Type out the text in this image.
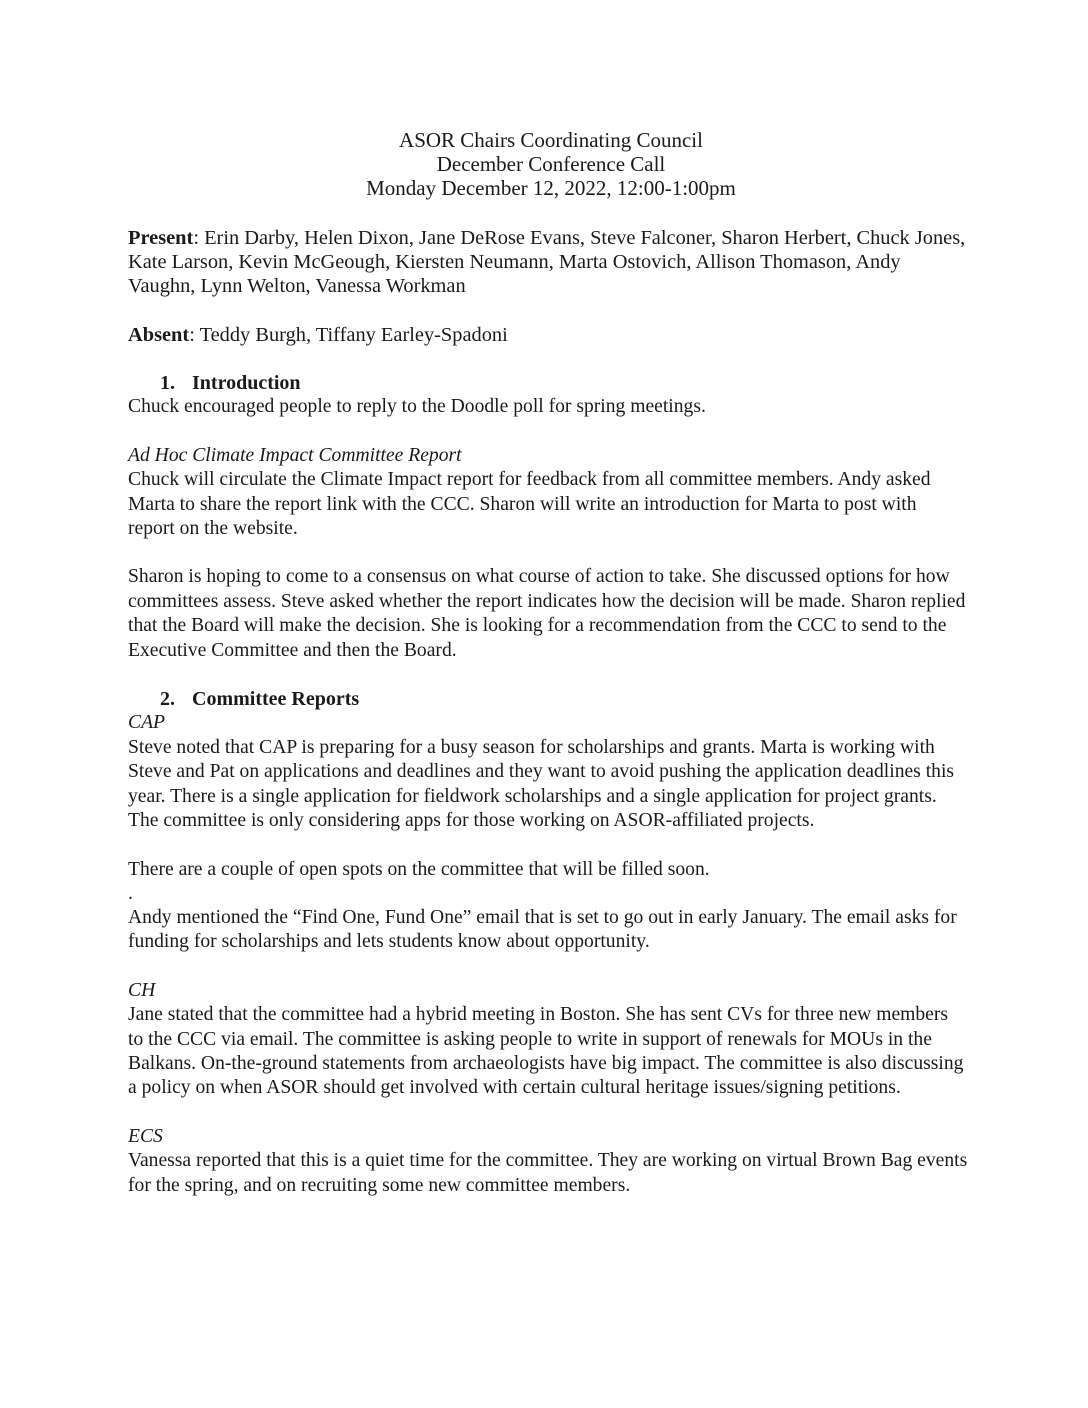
ASOR Chairs Coordinating Council
December Conference Call
Monday December 12, 2022, 12:00-1:00pm

Present: Erin Darby, Helen Dixon, Jane DeRose Evans, Steve Falconer, Sharon Herbert, Chuck Jones, Kate Larson, Kevin McGeough, Kiersten Neumann, Marta Ostovich, Allison Thomason, Andy Vaughn, Lynn Welton, Vanessa Workman

Absent: Teddy Burgh, Tiffany Earley-Spadoni

1. Introduction

Chuck encouraged people to reply to the Doodle poll for spring meetings.

Ad Hoc Climate Impact Committee Report

Chuck will circulate the Climate Impact report for feedback from all committee members. Andy asked Marta to share the report link with the CCC. Sharon will write an introduction for Marta to post with report on the website.

Sharon is hoping to come to a consensus on what course of action to take. She discussed options for how committees assess. Steve asked whether the report indicates how the decision will be made. Sharon replied that the Board will make the decision. She is looking for a recommendation from the CCC to send to the Executive Committee and then the Board.

2. Committee Reports

CAP

Steve noted that CAP is preparing for a busy season for scholarships and grants. Marta is working with Steve and Pat on applications and deadlines and they want to avoid pushing the application deadlines this year. There is a single application for fieldwork scholarships and a single application for project grants. The committee is only considering apps for those working on ASOR-affiliated projects.

There are a couple of open spots on the committee that will be filled soon.

.

Andy mentioned the “Find One, Fund One” email that is set to go out in early January. The email asks for funding for scholarships and lets students know about opportunity.

CH

Jane stated that the committee had a hybrid meeting in Boston. She has sent CVs for three new members to the CCC via email. The committee is asking people to write in support of renewals for MOUs in the Balkans. On-the-ground statements from archaeologists have big impact. The committee is also discussing a policy on when ASOR should get involved with certain cultural heritage issues/signing petitions.

ECS

Vanessa reported that this is a quiet time for the committee. They are working on virtual Brown Bag events for the spring, and on recruiting some new committee members.
